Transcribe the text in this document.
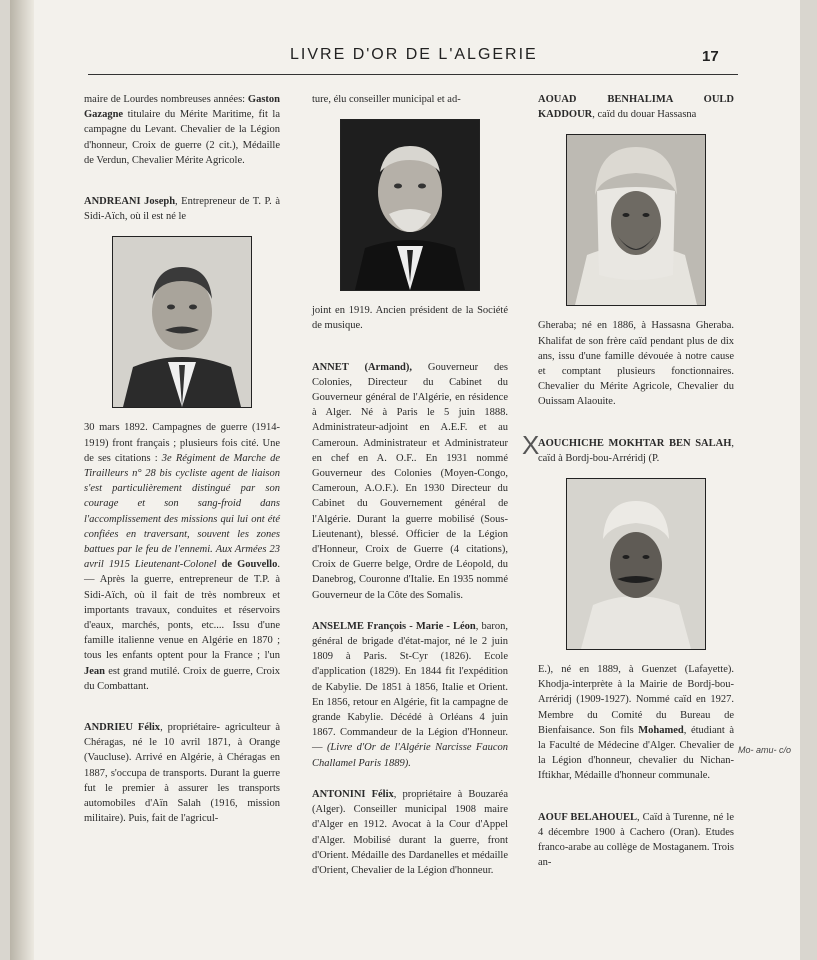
LIVRE D'OR DE L'ALGERIE	17

maire de Lourdes nombreuses années: Gaston Gazagne titulaire du Mérite Maritime, fit la campagne du Levant. Chevalier de la Légion d'honneur, Croix de guerre (2 cit.), Médaille de Verdun, Chevalier Mérite Agricole.

ANDREANI Joseph, Entrepreneur de T. P. à Sidi-Aïch, où il est né le

30 mars 1892. Campagnes de guerre (1914-1919) front français ; plusieurs fois cité. Une de ses citations : 3e Régiment de Marche de Tirailleurs n° 28 bis cycliste agent de liaison s'est particulièrement distingué par son courage et son sang-froid dans l'accomplissement des missions qui lui ont été confiées en traversant, souvent les zones battues par le feu de l'ennemi. Aux Armées 23 avril 1915 Lieutenant-Colonel de Gouvello. — Après la guerre, entrepreneur de T.P. à Sidi-Aïch, où il fait de très nombreux et importants travaux, conduites et réservoirs d'eaux, marchés, ponts, etc.... Issu d'une famille italienne venue en Algérie en 1870 ; tous les enfants optent pour la France ; l'un Jean est grand mutilé. Croix de guerre, Croix du Combattant.

ANDRIEU Félix, propriétaire- agriculteur à Chéragas, né le 10 avril 1871, à Orange (Vaucluse). Arrivé en Algérie, à Chéragas en 1887, s'occupa de transports. Durant la guerre fut le premier à assurer les transports automobiles d'Aïn Salah (1916, mission militaire). Puis, fait de l'agricul-

ture, élu conseiller municipal et ad-

joint en 1919. Ancien président de la Société de musique.

ANNET (Armand), Gouverneur des Colonies, Directeur du Cabinet du Gouverneur général de l'Algérie, en résidence à Alger. Né à Paris le 5 juin 1888. Administrateur-adjoint en A.E.F. et au Cameroun. Administrateur et Administrateur en chef en A. O.F.. En 1931 nommé Gouverneur des Colonies (Moyen-Congo, Cameroun, A.O.F.). En 1930 Directeur du Cabinet du Gouvernement général de l'Algérie. Durant la guerre mobilisé (Sous-Lieutenant), blessé. Officier de la Légion d'Honneur, Croix de Guerre (4 citations), Croix de Guerre belge, Ordre de Léopold, du Danebrog, Couronne d'Italie. En 1935 nommé Gouverneur de la Côte des Somalis.

ANSELME François - Marie - Léon, baron, général de brigade d'état-major, né le 2 juin 1809 à Paris. St-Cyr (1826). Ecole d'application (1829). En 1844 fit l'expédition de Kabylie. De 1851 à 1856, Italie et Orient. En 1856, retour en Algérie, fit la campagne de grande Kabylie. Décédé à Orléans 4 juin 1867. Commandeur de la Légion d'Honneur. — (Livre d'Or de l'Algérie Narcisse Faucon Challamel Paris 1889).

ANTONINI Félix, propriétaire à Bouzaréa (Alger). Conseiller municipal 1908 maire d'Alger en 1912. Avocat à la Cour d'Appel d'Alger. Mobilisé durant la guerre, front d'Orient. Médaille des Dardanelles et médaille d'Orient, Chevalier de la Légion d'honneur.

AOUAD BENHALIMA OULD KADDOUR, caïd du douar Hassasna

Gheraba; né en 1886, à Hassasna Gheraba. Khalifat de son frère caïd pendant plus de dix ans, issu d'une famille dévouée à notre cause et comptant plusieurs fonctionnaires. Chevalier du Mérite Agricole, Chevalier du Ouissam Alaouite.

AOUCHICHE MOKHTAR BEN SALAH, caïd à Bordj-bou-Arréridj (P.

E.), né en 1889, à Guenzet (Lafayette). Khodja-interprète à la Mairie de Bordj-bou-Arréridj (1909-1927). Nommé caïd en 1927. Membre du Comité du Bureau de Bienfaisance. Son fils Mohamed, étudiant à la Faculté de Médecine d'Alger. Chevalier de la Légion d'honneur, chevalier du Nichan-Iftikhar, Médaille d'honneur communale.

AOUF BELAHOUEL, Caïd à Turenne, né le 4 décembre 1900 à Cachero (Oran). Etudes franco-arabe au collège de Mostaganem. Trois an-

X
Mo- amu- c/o
